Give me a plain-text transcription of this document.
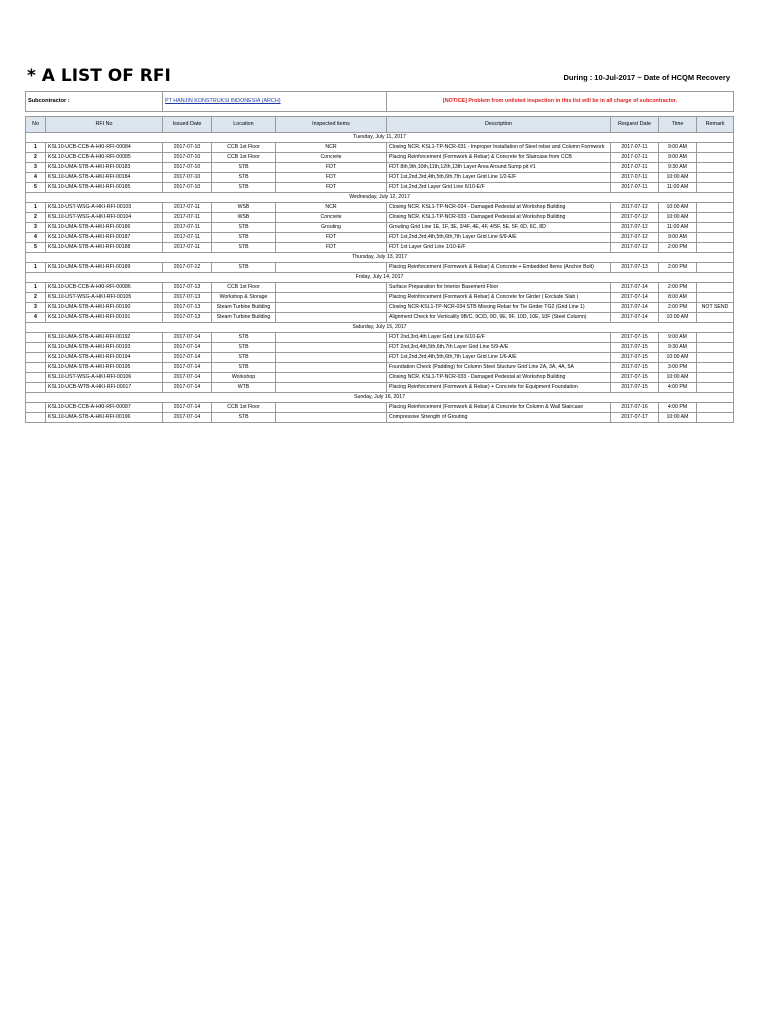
* A LIST OF RFI	During : 10-Jul-2017 ~ Date of HCQM Recovery
Subcontractor :		PT HANJIN KONSTRUKSI INDONESIA (ARCH)			[NOTICE] Problem from unlisted inspection in this list will be in all charge of subcontractor.			

No	RFI No	Issued Date	Location	Inspected items	Description	Request Date	Time	Remark
Tuesday, July 11, 2017								
1	KSL10-UCB-CCB-A-HKI-RFI-00084	2017-07-10	CCB 1st Floor	NCR	Closing NCR. KSL1-TP-NCR-031 - Improper Installation of Steel rebar and Column Formwork	2017-07-11	9:00 AM	
2	KSL10-UCB-CCB-A-HKI-RFI-00085	2017-07-10	CCB 1st Floor	Concrete	Placing Reinforcement (Formwork & Rebar) & Concrete for Staircase from CCB	2017-07-11	9:00 AM	
3	KSL10-UMA-STB-A-HKI-RFI-00183	2017-07-10	STB	FDT	FDT 8th,9th,10th,11th,12th,13th Layer Area Around Sump pit #1	2017-07-11	9:30 AM	
4	KSL10-UMA-STB-A-HKI-RFI-00184	2017-07-10	STB	FDT	FDT 1st,2nd,3rd,4th,5th,6th,7th Layer Grid Line 1/2-E/F	2017-07-11	10:00 AM	
5	KSL10-UMA-STB-A-HKI-RFI-00185	2017-07-10	STB	FDT	FDT 1st,2nd,3rd Layer Grid Line 6/10-E/F	2017-07-11	11:00 AM	
Wednesday, July 12, 2017								
1	KSL10-UST-WSG-A-HKI-RFI-00103	2017-07-11	WSB	NCR	Closing NCR. KSL1-TP-NCR-024 - Damaged Pedestal at Workshop Building	2017-07-12	10:00 AM	
2	KSL10-UST-WSG-A-HKI-RFI-00104	2017-07-11	WSB	Concrete	Closing NCR. KSL1-TP-NCR-033 - Damaged Pedestal at Workshop Building	2017-07-12	10:00 AM	
3	KSL10-UMA-STB-A-HKI-RFI-00186	2017-07-11	STB	Grouting	Grouting Grid Line 1E, 1F, 3E, 3/4F, 4E, 4F, 4/5F, 5E, 5F, 6D, 6C, 8D	2017-07-12	11:00 AM	
4	KSL10-UMA-STB-A-HKI-RFI-00187	2017-07-11	STB	FDT	FDT 1st,2nd,3rd,4th,5th,6th,7th Layer Grid Line 6/9-A/E	2017-07-12	9:00 AM	
5	KSL10-UMA-STB-A-HKI-RFI-00188	2017-07-11	STB	FDT	FDT 1st Layer Grid Line 1/10-E/F	2017-07-12	2:00 PM	
Thursday, July 13, 2017								
1	KSL10-UMA-STB-A-HKI-RFI-00189	2017-07-12	STB		Placing Reinforcement (Formwork & Rebar) & Concrete + Embedded Items (Anchor Bolt)	2017-07-13	2:00 PM	
Friday, July 14, 2017								
1	KSL10-UCB-CCB-A-HKI-RFI-00086	2017-07-13	CCB 1st Floor		Surface Preparation for Interior Basement Floor	2017-07-14	2:00 PM	
2	KSL10-UST-WSG-A-HKI-RFI-00105	2017-07-13	Workshop & Storage		Placing Reinforcement (Formwork & Rebar) & Concrete for Girder ( Exclude Slab )	2017-07-14	8:00 AM	
3	KSL10-UMA-STB-A-HKI-RFI-00190	2017-07-13	Steam Turbine Building		Closing NCR-KSL1-TP-NCR-034 STB Missing Rebar for Tie Girder TG2 (Grid Line 1)	2017-07-14	2:00 PM	NOT SEND
4	KSL10-UMA-STB-A-HKI-RFI-00191	2017-07-13	Steam Turbine Building		Alignment Check for Verticality 9B/C, 9C/D, 9D, 9E, 9F, 10D, 10E, 10F (Steel Column)	2017-07-14	10:00 AM	
Saturday, July 15, 2017								
	KSL10-UMA-STB-A-HKI-RFI-00192	2017-07-14	STB		FDT 2nd,3rd,4th Layer Grid Line 6/10-E/F	2017-07-15	9:00 AM	
	KSL10-UMA-STB-A-HKI-RFI-00193	2017-07-14	STB		FDT 2nd,3rd,4th,5th,6th,7th Layer Grid Line 5/9-A/E	2017-07-15	9:30 AM	
	KSL10-UMA-STB-A-HKI-RFI-00194	2017-07-14	STB		FDT 1st,2nd,3rd,4th,5th,6th,7th Layer Grid Line 1/6-A/E	2017-07-15	10:00 AM	
	KSL10-UMA-STB-A-HKI-RFI-00195	2017-07-14	STB		Foundation Check (Padding) for Column Steel Stucture Grid Line 2A, 3A, 4A, 5A	2017-07-15	3:00 PM	
	KSL10-UST-WSG-A-HKI-RFI-00106	2017-07-14	Workshop		Closing NCR. KSL1-TP-NCR-033 - Damaged Pedestal at Workshop Building	2017-07-15	10:00 AM	
	KSL10-UCB-WTB-A-HKI-RFI-00017	2017-07-14	WTB		Placing Reinforcement (Formwork & Rebar) + Concrete for Equipment Foundation	2017-07-15	4:00 PM	
Sunday, July 16, 2017								
	KSL10-UCB-CCB-A-HKI-RFI-00087	2017-07-14	CCB 1st Floor		Placing Reinforcement (Formwork & Rebar) & Concrete for Column & Wall Staircase	2017-07-16	4:00 PM	
	KSL10-UMA-STB-A-HKI-RFI-00196	2017-07-14	STB		Compressive Strength of Grouting	2017-07-17	10:00 AM	
